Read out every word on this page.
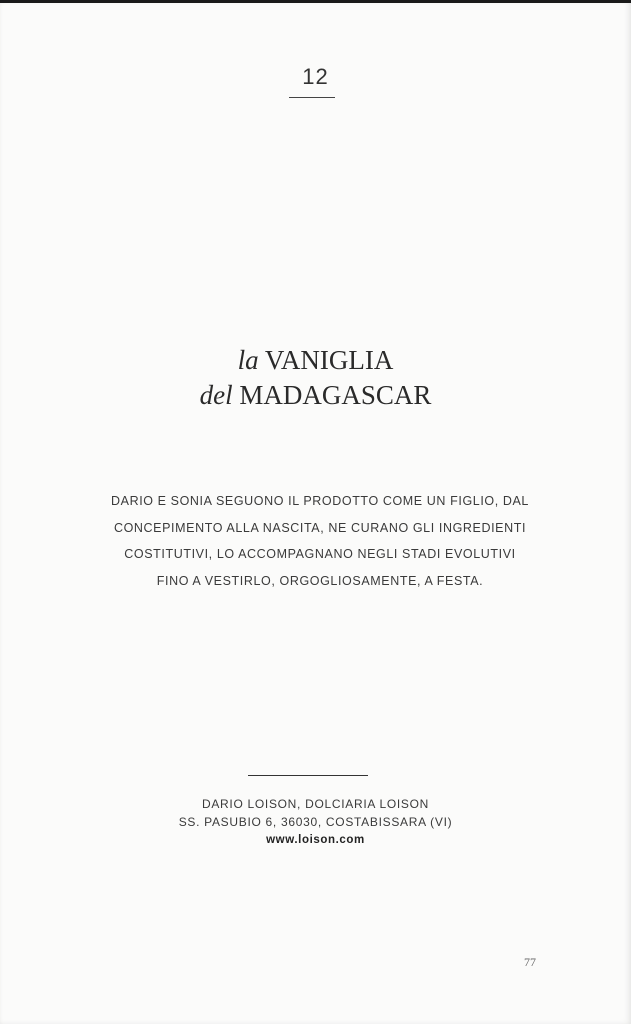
12
la VANIGLIA
del MADAGASCAR
DARIO E SONIA SEGUONO IL PRODOTTO COME UN FIGLIO, DAL
CONCEPIMENTO ALLA NASCITA, NE CURANO GLI INGREDIENTI
COSTITUTIVI, LO ACCOMPAGNANO NEGLI STADI EVOLUTIVI
FINO A VESTIRLO, ORGOGLIOSAMENTE, A FESTA.
DARIO LOISON, DOLCIARIA LOISON
SS. PASUBIO 6, 36030, COSTABISSARA (VI)
www.loison.com
77
